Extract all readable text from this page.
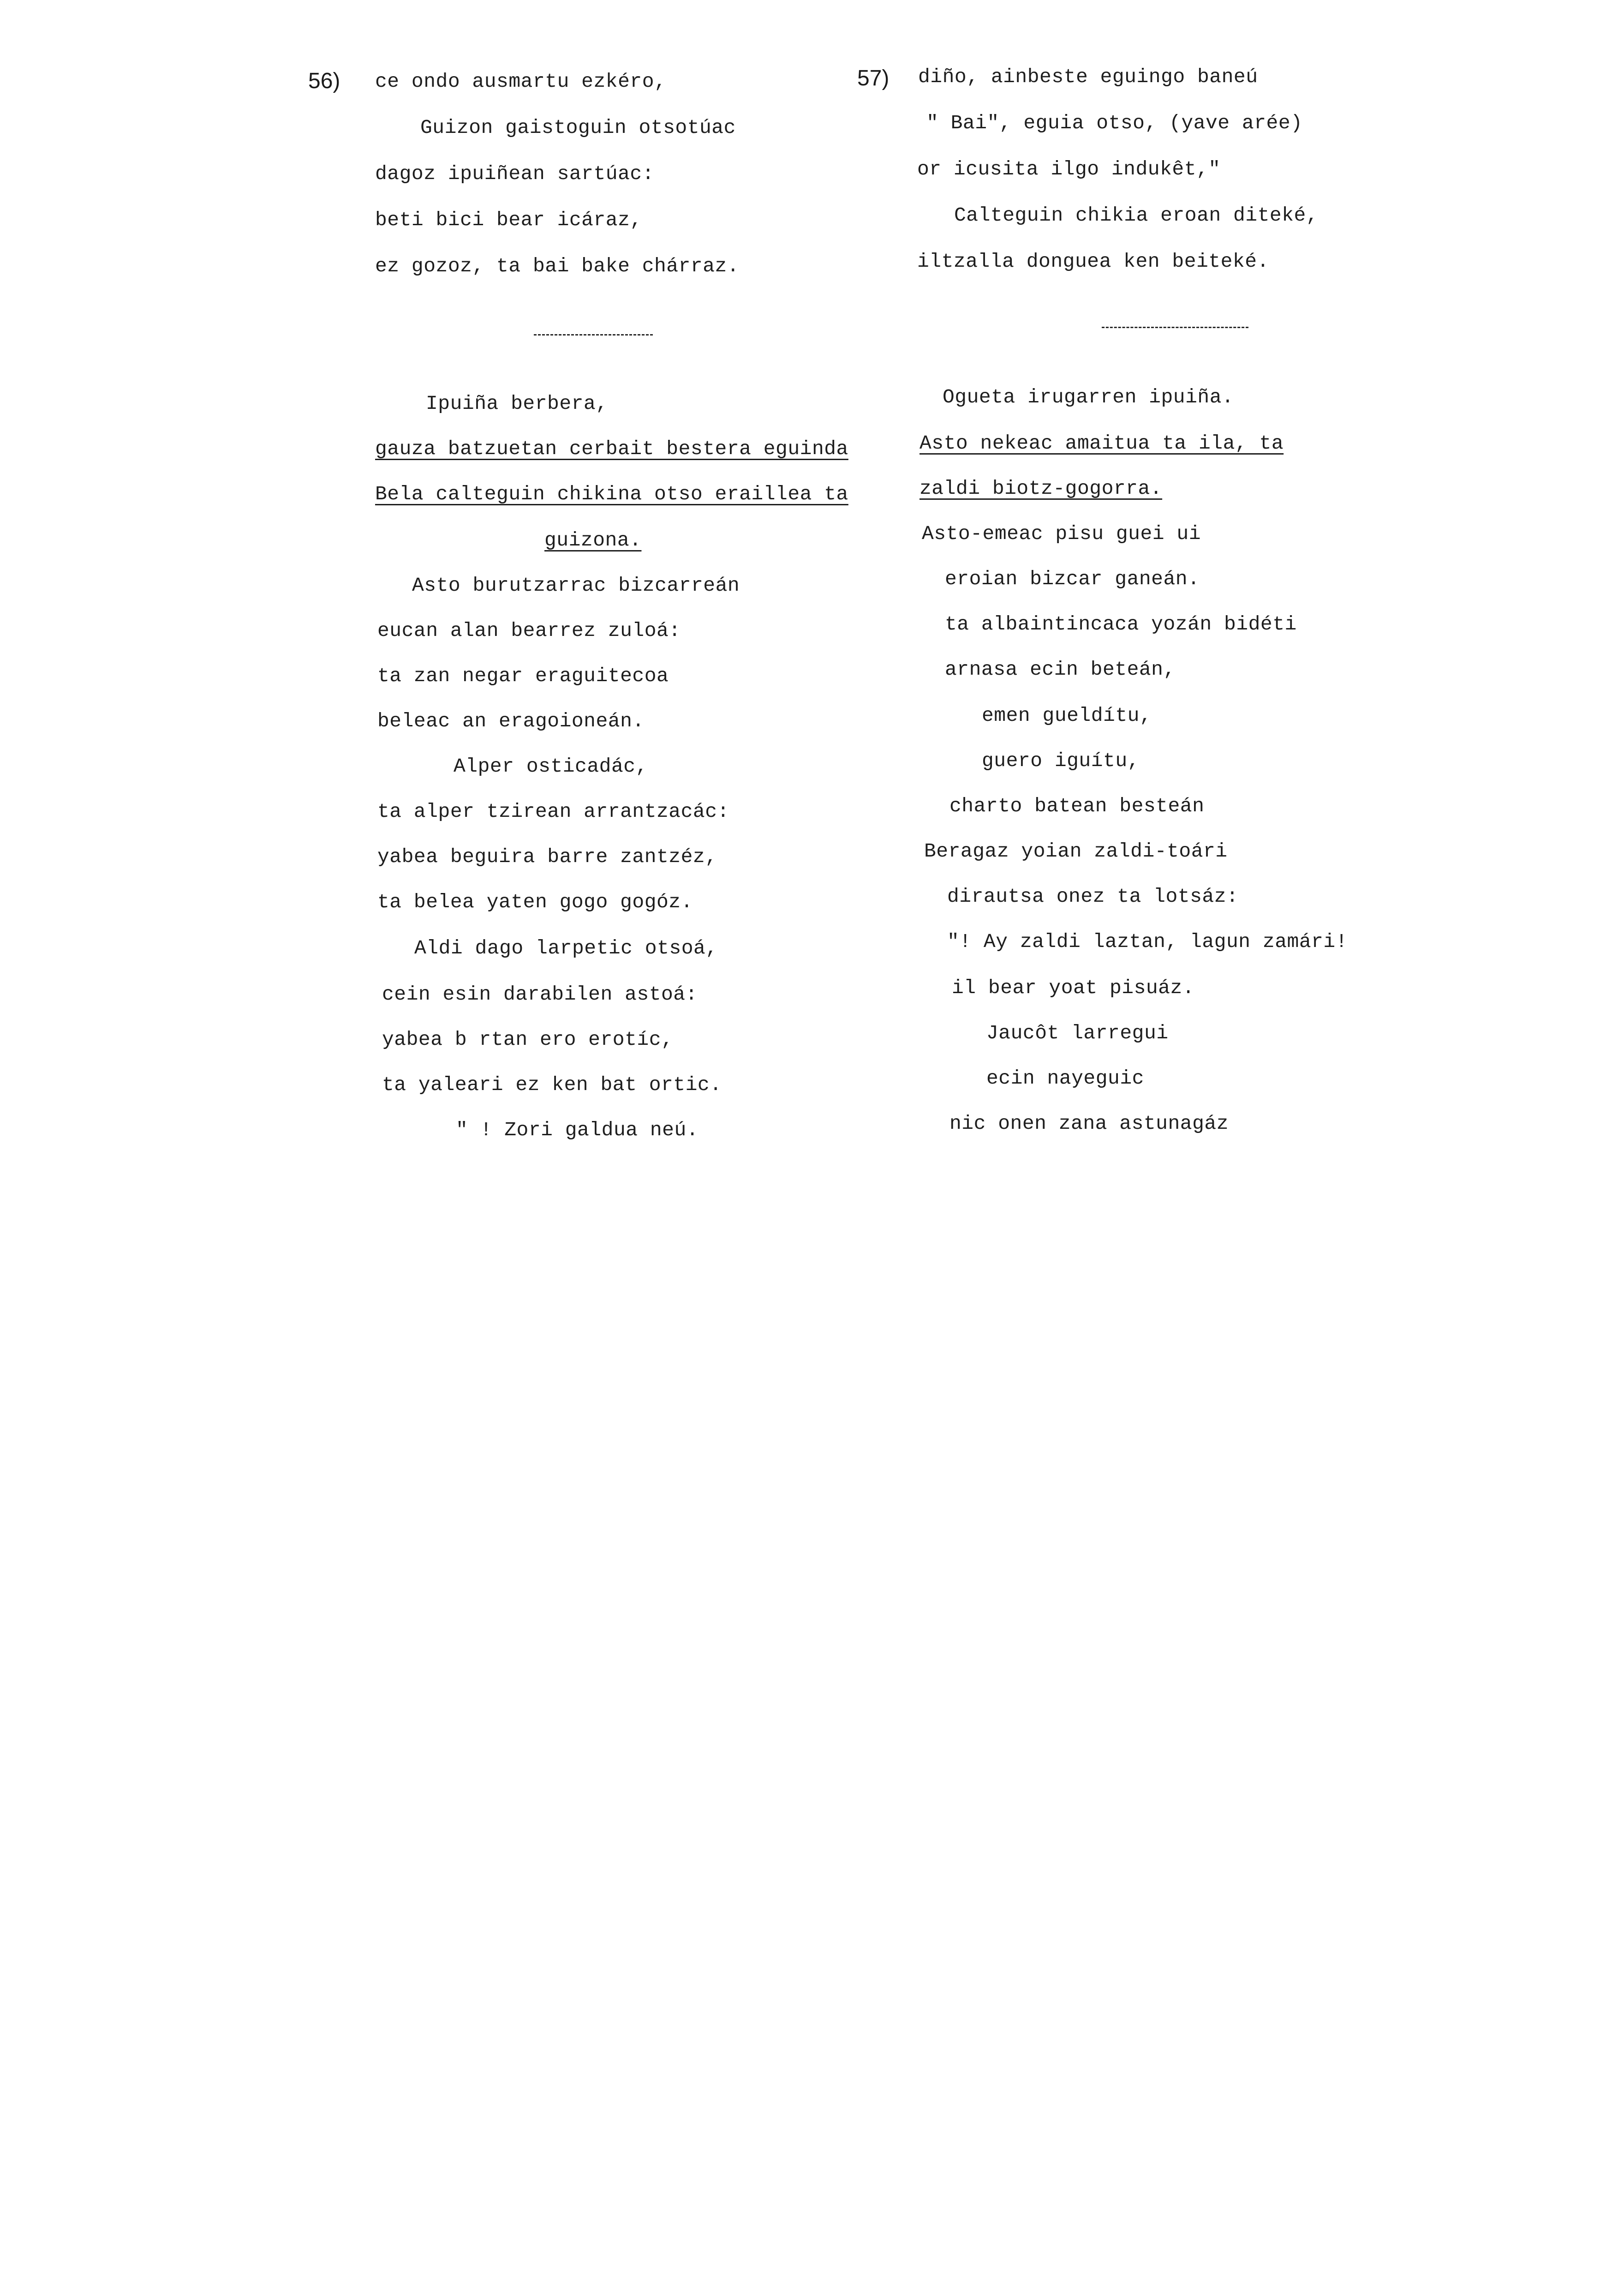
56) ce ondo ausmartu ezkéro,
Guizon gaistoguin otsotúac
dagoz ipuiñean sartúac:
beti bici bear icáraz,
ez gozoz, ta bai bake chárraz.
Ipuiña berbera,
gauza batzuetan cerbait bestera eguinda
Bela calteguin chikina otso eraillea ta
guizona.
Asto burutzarrac bizcarreán
eucan alan bearrez zuloá:
ta zan negar eraguitecoa
beleac an eragoioneán.
Alper osticadác,
ta alper tzirean arrantzacác:
yabea beguira barre zantzéz,
ta belea yaten gogo gogóz.
Aldi dago larpetic otsoá,
cein esin darabilen astoá:
yabea b rtan ero erotíc,
ta yaleari ez ken bat ortic.
" ! Zori galdua neú.
57) diño, ainbeste eguingo baneú
" Bai", eguia otso, (yave arée)
or icusita ilgo indukêt,"
Calteguin chikia eroan diteké,
iltzalla donguea ken beiteké.
Ogueta irugarren ipuiña.
Asto nekeac amaitua ta ila, ta
zaldi biotz-gogorra.
Asto-emeac pisu guei ui
eroian bizcar ganeán.
ta albaintincaca yozán bidéti
arnasa ecin beteán,
emen gueldítu,
guero iguítu,
charto batean besteán
Beragaz yoian zaldi-toári
dirautsa onez ta lotsáz:
"! Ay zaldi laztan, lagun zamári!
il bear yoat pisuáz.
Jaucôt larregui
ecin nayeguic
nic onen zana astunagáz
